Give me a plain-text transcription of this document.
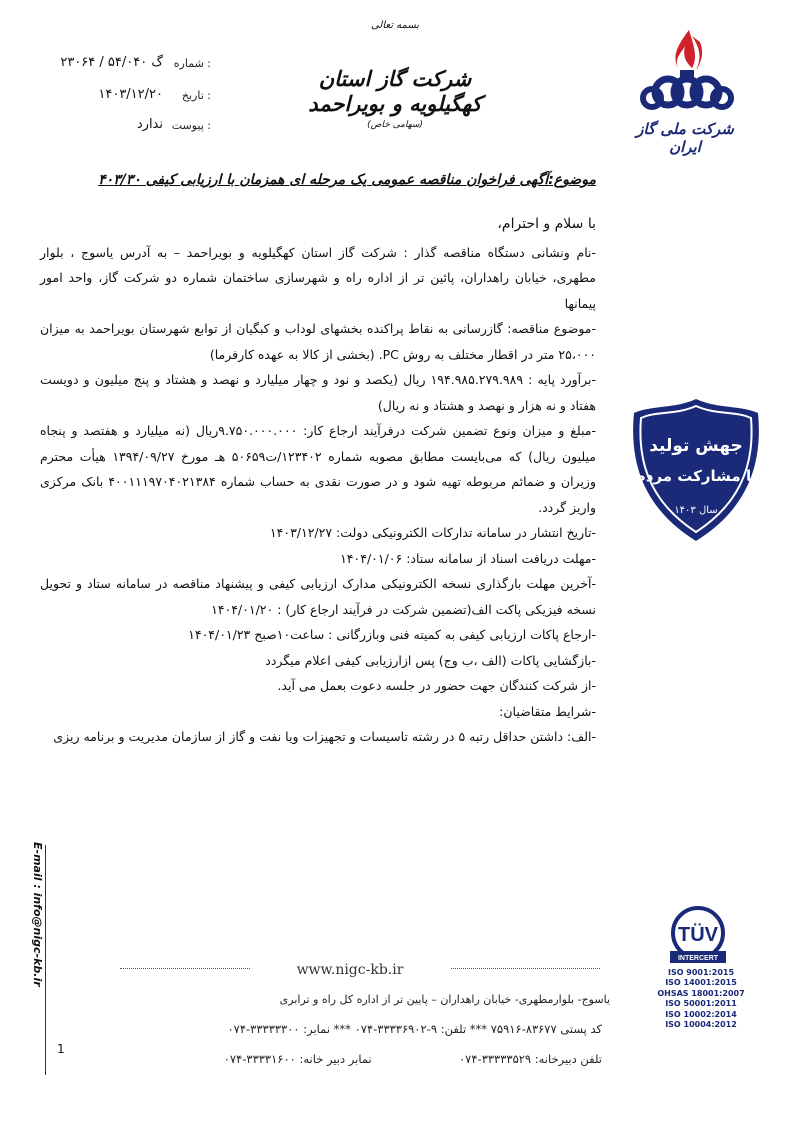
بسمه تعالی
شرکت گاز استان کهگیلویه و بویراحمد
(سهامی خاص)
شماره :
گ ۵۴/۰۴۰ / ۲۳۰۶۴
تاریخ :
۱۴۰۳/۱۲/۲۰
پیوست :
ندارد	شرکت ملی گاز ایران
موضوع:آگهی فراخوان مناقصه عمومی یک مرحله ای همزمان با ارزیابی کیفی ۴۰۳/۳۰

با سلام و احترام،

-نام ونشانی دستگاه مناقصه گذار : شرکت گاز استان کهگیلویه و بویراحمد – به آدرس یاسوج ، بلوار مطهری، خیابان راهداران، پائین تر از اداره راه و شهرسازی ساختمان شماره دو شرکت گاز، واحد امور پیمانها

-موضوع مناقصه: گازرسانی به نقاط پراکنده بخشهای لوداب و کبگیان از توابع شهرستان بویراحمد به میزان ۲۵،۰۰۰ متر در اقطار مختلف به روش PC. (بخشی از کالا به عهده کارفرما)

-برآورد پایه : ۱۹۴.۹۸۵.۲۷۹.۹۸۹ ریال (یکصد و نود و چهار میلیارد و نهصد و هشتاد و پنج میلیون و دویست هفتاد و نه هزار و نهصد و هشتاد و نه ریال)

-مبلغ و میزان ونوع تضمین شرکت درفرآیند ارجاع کار: ۹.۷۵۰.۰۰۰.۰۰۰ریال (نه میلیارد و هفتصد و پنجاه میلیون ریال) که می‌بایست مطابق مصوبه شماره ۱۲۳۴۰۲/ت۵۰۶۵۹ هـ مورخ ۱۳۹۴/۰۹/۲۷ هیأت محترم وزیران و ضمائم مربوطه تهیه شود و در صورت نقدی به حساب شماره ۴۰۰۱۱۱۹۷۰۴۰۲۱۳۸۴ بانک مرکزی واریز گردد.

-تاریخ انتشار در سامانه تدارکات الکترونیکی دولت: ۱۴۰۳/۱۲/۲۷

-مهلت دریافت اسناد از سامانه ستاد: ۱۴۰۴/۰۱/۰۶

-آخرین مهلت بارگذاری نسخه الکترونیکی مدارک ارزیابی کیفی و پیشنهاد مناقصه در سامانه ستاد و تحویل نسخه فیزیکی پاکت الف(تضمین شرکت در فرآیند ارجاع کار) : ۱۴۰۴/۰۱/۲۰

-ارجاع پاکات ارزیابی کیفی به کمیته فنی وبازرگانی : ساعت۱۰صبح ۱۴۰۴/۰۱/۲۳

-بازگشایی پاکات (الف ،ب وج) پس ازارزیابی کیفی اعلام میگردد

-از شرکت کنندگان جهت حضور در جلسه دعوت بعمل می آید.

-شرایط متقاضیان:

-الف: داشتن حداقل رتبه ۵ در رشته تاسیسات و تجهیزات ویا نفت و گاز از سازمان مدیریت و برنامه ریزی

جهش تولید
با مشارکت مردم
سال ۱۴۰۳
E-mail : info@nigc-kb.ir	www.nigc-kb.ir
یاسوج- بلوارمطهری- خیابان راهداران – پایین تر از اداره کل راه و ترابری
کد پستی ۸۳۶۷۷-۷۵۹۱۶ *** تلفن: ۹-۳۳۳۳۶۹۰۲-۰۷۴ *** نمابر: ۳۳۳۳۳۳۰۰-۰۷۴
تلفن دبیرخانه: ۳۳۳۳۳۵۲۹-۰۷۴  نمابر دبیر خانه: ۳۳۳۳۱۶۰۰-۰۷۴
1
TÜV
INTERCERT
ISO 9001:2015
ISO 14001:2015
OHSAS 18001:2007
ISO 50001:2011
ISO 10002:2014
ISO 10004:2012
